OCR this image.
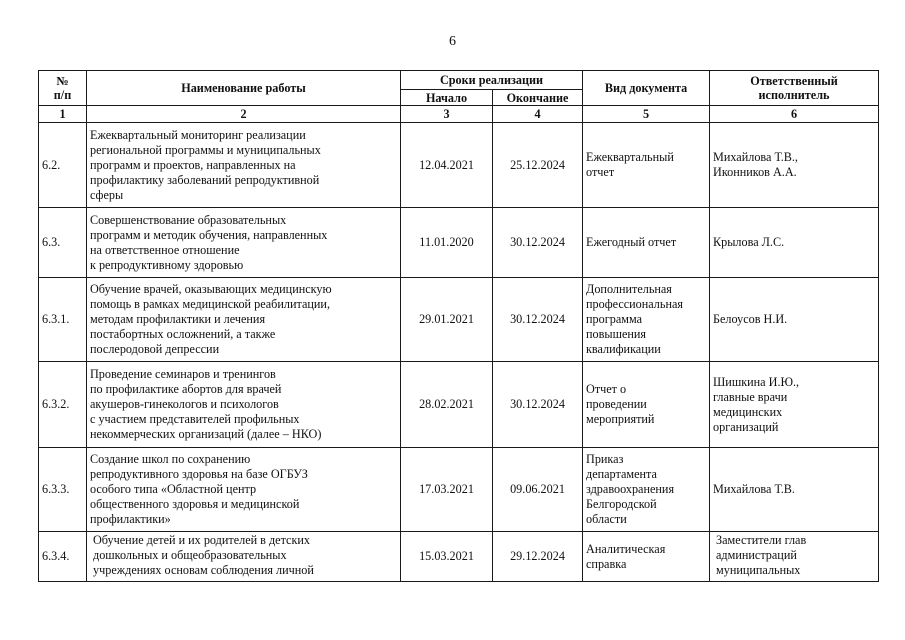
6
№
п/п	Наименование работы	Сроки реализации		Вид документа	Ответственный
исполнитель
		Начало	Окончание		
1	2	3	4	5	6
6.2.	Ежеквартальный мониторинг реализации
региональной программы и муниципальных
программ и проектов, направленных на
профилактику заболеваний репродуктивной
сферы	12.04.2021	25.12.2024	Ежеквартальный
отчет	Михайлова Т.В.,
Иконников А.А.
6.3.	Совершенствование образовательных
программ и методик обучения, направленных
на ответственное отношение
к репродуктивному здоровью	11.01.2020	30.12.2024	Ежегодный отчет	Крылова Л.С.
6.3.1.	Обучение врачей, оказывающих медицинскую
помощь в рамках медицинской реабилитации,
методам профилактики и лечения
постабортных осложнений, а также
послеродовой депрессии	29.01.2021	30.12.2024	Дополнительная
профессиональная
программа
повышения
квалификации	Белоусов Н.И.
6.3.2.	Проведение семинаров и тренингов
по профилактике абортов для врачей
акушеров-гинекологов и психологов
с участием представителей профильных
некоммерческих организаций (далее – НКО)	28.02.2021	30.12.2024	Отчет о
проведении
мероприятий	Шишкина И.Ю.,
главные врачи
медицинских
организаций
6.3.3.	Создание школ по сохранению
репродуктивного здоровья на базе ОГБУЗ
особого типа «Областной центр
общественного здоровья и медицинской
профилактики»	17.03.2021	09.06.2021	Приказ
департамента
здравоохранения
Белгородской
области	Михайлова Т.В.
6.3.4.	Обучение детей и их родителей в детских
дошкольных и общеобразовательных
учреждениях основам соблюдения личной	15.03.2021	29.12.2024	Аналитическая
справка	Заместители глав
администраций
муниципальных
